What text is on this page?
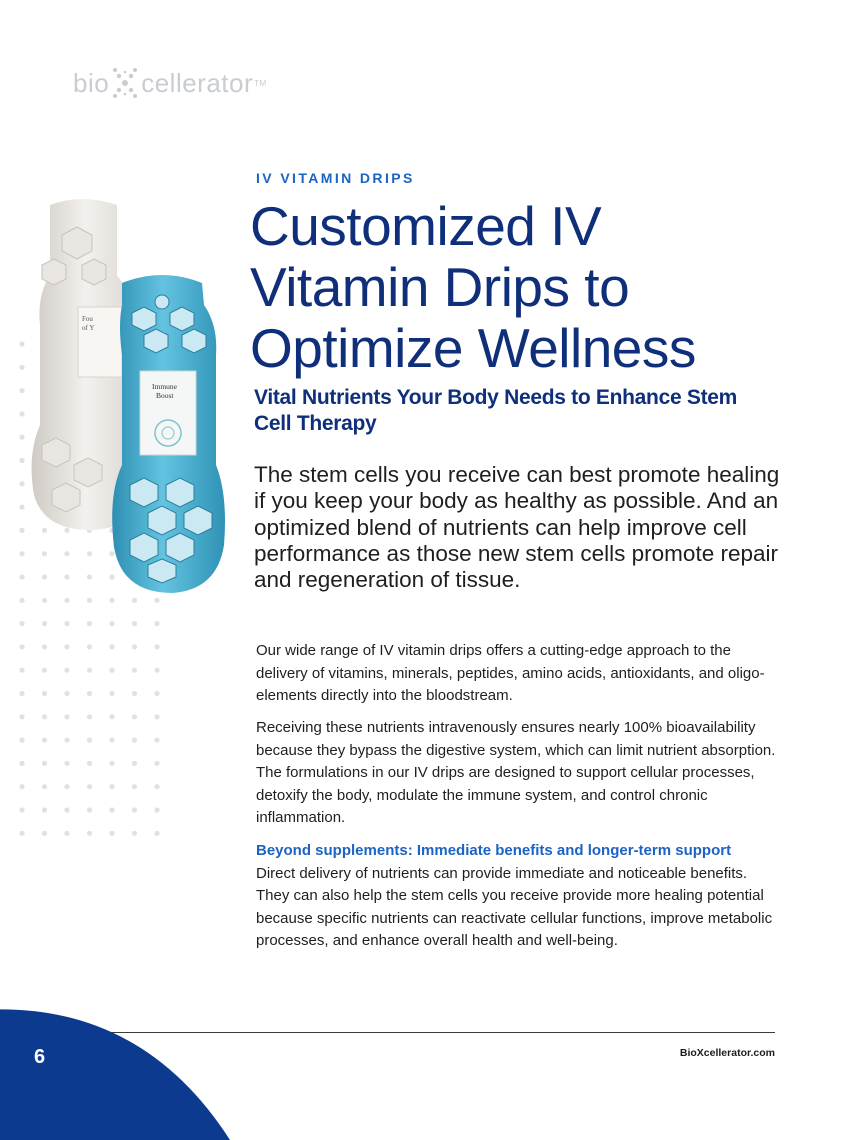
bio cellerator TM
Fou
of Y
Immune
Boost
IV VITAMIN DRIPS
Customized IV
Vitamin Drips to
Optimize Wellness
Vital Nutrients Your Body Needs to Enhance Stem Cell Therapy

The stem cells you receive can best promote healing if you keep your body as healthy as possible. And an optimized blend of nutrients can help improve cell performance as those new stem cells promote repair and regeneration of tissue.

Our wide range of IV vitamin drips offers a cutting-edge approach to the delivery of vitamins, minerals, peptides, amino acids, antioxidants, and oligo-elements directly into the bloodstream.

Receiving these nutrients intravenously ensures nearly 100% bioavailability because they bypass the digestive system, which can limit nutrient absorption. The formulations in our IV drips are designed to support cellular processes, detoxify the body, modulate the immune system, and control chronic inflammation.

Beyond supplements: Immediate benefits and longer-term support
Direct delivery of nutrients can provide immediate and noticeable benefits. They can also help the stem cells you receive provide more healing potential because specific nutrients can reactivate cellular functions, improve metabolic processes, and enhance overall health and well-being.

6	BioXcellerator.com
